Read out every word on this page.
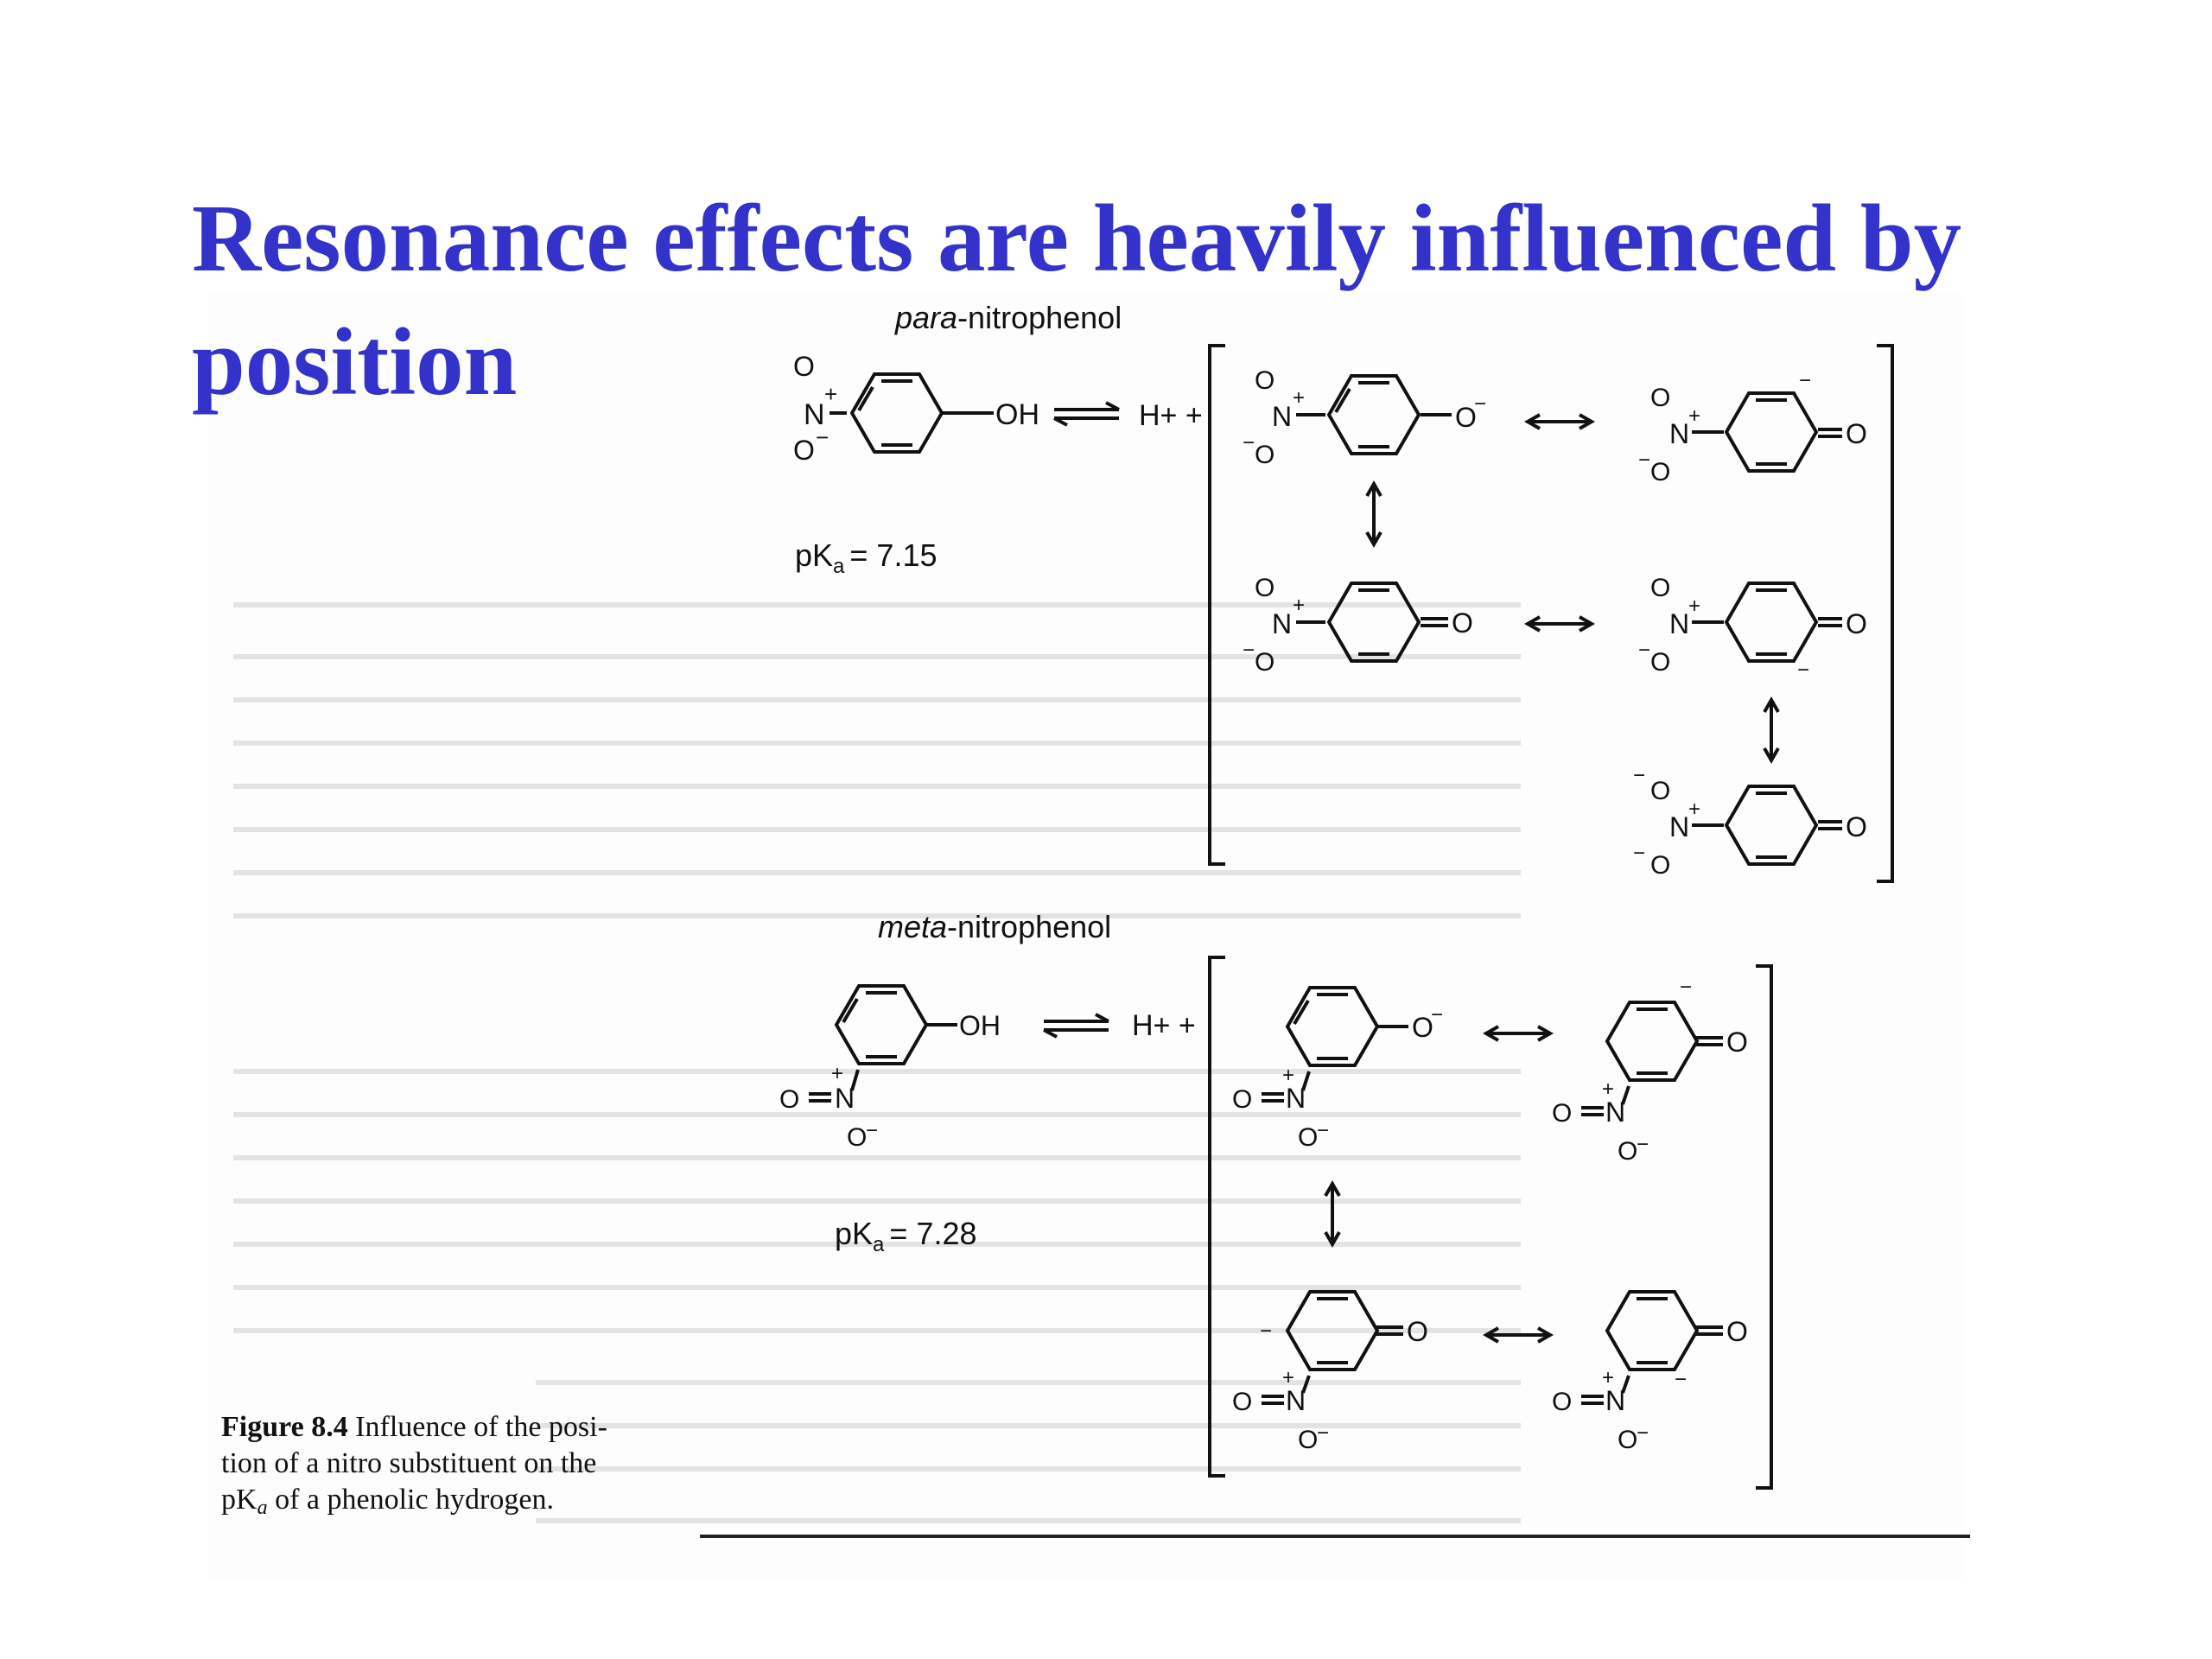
Resonance effects are heavily influenced by position	para-nitrophenol
OH
N
+
O
O −
H+ +
$pK_a = 7.15$
O
−
N
+
O
O
−	O
−
N
+
O
O
−
O
N
+
O
O
−
O
−
N
+
O
O
−
O
N
+
O
O
−
−
meta-nitrophenol
OH
N
+
O
O
−
H+ +
$pK_a = 7.28$
O
−
N
+
O
O
−
O
−
N
+
O
O
−
O
−
N
+
O
O
−
O
−
N
+
O
O
−
Figure 8.4 Influence of the posi-
tion of a nitro substituent on the
pKa of a phenolic hydrogen.
